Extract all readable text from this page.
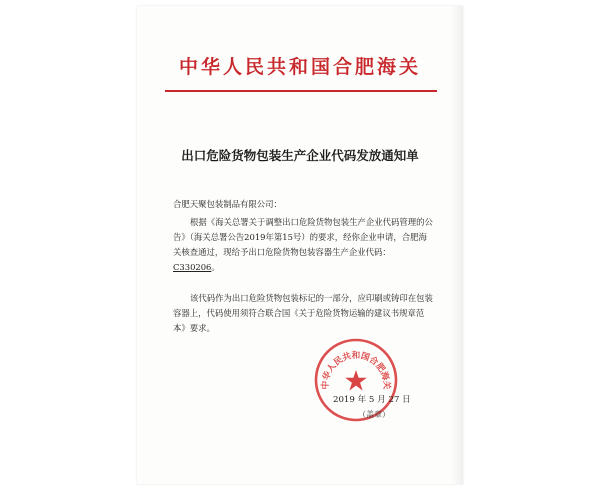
中华人民共和国合肥海关
出口危险货物包装生产企业代码发放通知单
合肥天聚包装制品有限公司：
根据《海关总署关于调整出口危险货物包装生产企业代码管理的公告》（海关总署公告2019年第15号）的要求，经你企业申请，合肥海关核查通过，现给予出口危险货物包装容器生产企业代码：C330206。
该代码作为出口危险货物包装标记的一部分，应印刷或铸印在包装容器上，代码使用须符合联合国《关于危险货物运输的建议书规章范本》要求。
中华人民共和国合肥海关
2019 年 5 月 27 日
（盖章）
